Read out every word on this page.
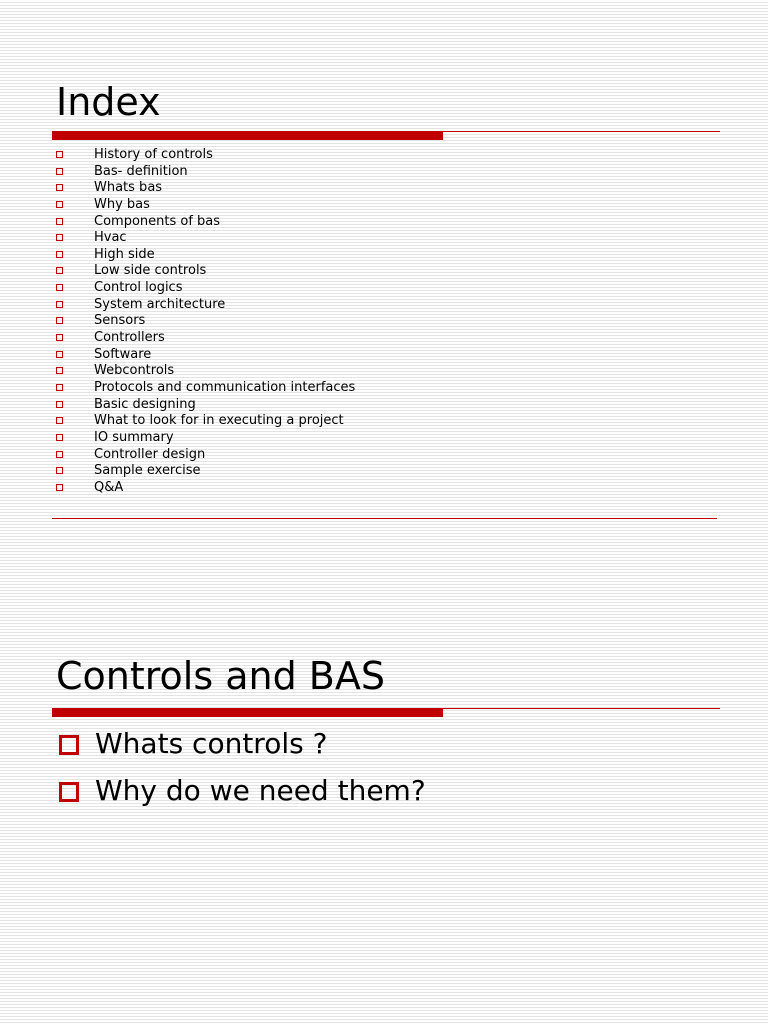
Index
History of controls
Bas- definition
Whats bas
Why bas
Components of bas
Hvac
High side
Low side controls
Control logics
System architecture
Sensors
Controllers
Software
Webcontrols
Protocols and communication interfaces
Basic designing
What to look for in executing a project
IO summary
Controller design
Sample exercise
Q&A
Controls and BAS
Whats controls ?
Why do we need them?
